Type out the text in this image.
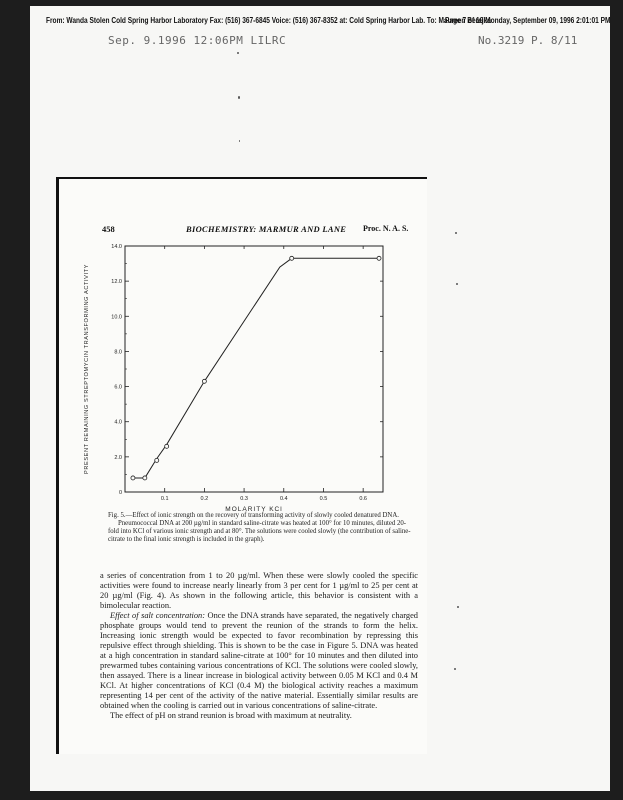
From: Wanda Stolen Cold Spring Harbor Laboratory Fax: (516) 367-6845 Voice: (516) 367-8352 at: Cold Spring Harbor Lab. To: Maureen Berejka
Page 7 of 10 Monday, September 09, 1996 2:01:01 PM
Sep. 9.1996 12:06PM LILRC	No.3219 P. 8/11
458	BIOCHEMISTRY: MARMUR AND LANE Proc. N. A. S.
0
2.0
4.0
6.0
8.0
10.0
12.0
14.0
0.1	0.2	0.3	0.4	0.5	0.6
PRESENT REMAINING STREPTOMYCIN TRANSFORMING ACTIVITY
MOLARITY KCl

Fig. 5.—Effect of ionic strength on the recovery of transforming activity of slowly cooled denatured DNA.

Pneumococcal DNA at 200 µg/ml in standard saline-citrate was heated at 100° for 10 minutes, diluted 20-fold into KCl of various ionic strength and at 80°. The solutions were cooled slowly (the contribution of saline-citrate to the final ionic strength is included in the graph).

a series of concentration from 1 to 20 µg/ml. When these were slowly cooled the specific activities were found to increase nearly linearly from 3 per cent for 1 µg/ml to 25 per cent at 20 µg/ml (Fig. 4). As shown in the following article, this behavior is consistent with a bimolecular reaction.

Effect of salt concentration: Once the DNA strands have separated, the negatively charged phosphate groups would tend to prevent the reunion of the strands to form the helix. Increasing ionic strength would be expected to favor recombination by repressing this repulsive effect through shielding. This is shown to be the case in Figure 5. DNA was heated at a high concentration in standard saline-citrate at 100° for 10 minutes and then diluted into prewarmed tubes containing various concentrations of KCl. The solutions were cooled slowly, then assayed. There is a linear increase in biological activity between 0.05 M KCl and 0.4 M KCl. At higher concentrations of KCl (0.4 M) the biological activity reaches a maximum representing 14 per cent of the activity of the native material. Essentially similar results are obtained when the cooling is carried out in various concentrations of saline-citrate.

The effect of pH on strand reunion is broad with maximum at neutrality.
